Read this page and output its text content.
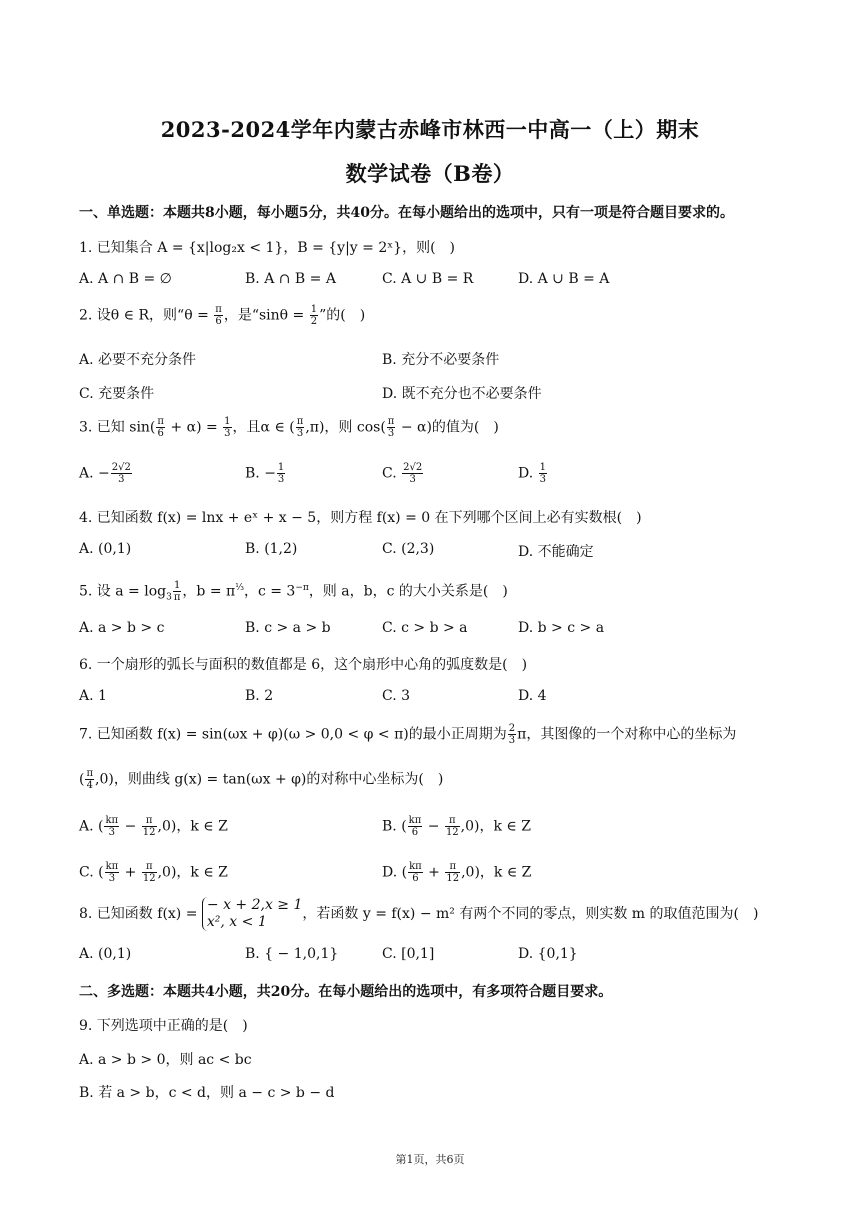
2023-2024学年内蒙古赤峰市林西一中高一（上）期末
数学试卷（B卷）
一、单选题：本题共8小题，每小题5分，共40分。在每小题给出的选项中，只有一项是符合题目要求的。
1. 已知集合 A = {x|log₂x < 1}，B = {y|y = 2ˣ}，则(　)
A. A ∩ B = ∅	B. A ∩ B = A	C. A ∪ B = R	D. A ∪ B = A
2. 设θ ∈ R，则“$\theta = \frac{\pi}{6}$ ，是“$\sin\theta = \frac{1}{2}$ ”的(　)
A. 必要不充分条件	B. 充分不必要条件
C. 充要条件	D. 既不充分也不必要条件
3. 已知 $\sin( \frac{\pi}{6} + \alpha) = \frac{1}{3}$ ，且α ∈ ( $\frac{\pi}{3} ,\pi$)，则 $\cos( \frac{\pi}{3} - \alpha)$的值为(　)
A. − $\frac{2√2}{3}$	B. − $\frac{1}{3}$	C. $\frac{2√2}{3}$	D. $\frac{1}{3}$
4. 已知函数 f(x) = lnx + eˣ + x − 5，则方程 f(x) = 0 在下列哪个区间上必有实数根(　)
A. (0,1)	B. (1,2)	C. (2,3)	D. 不能确定
5. 设 $a = \log_3 \frac{1}{\pi}$ ，$b = \pi^{\frac{1}{3}}$，$c = 3^{-\pi}$，则 a，b，c 的大小关系是(　)
A. a > b > c	B. c > a > b	C. c > b > a	D. b > c > a
6. 一个扇形的弧长与面积的数值都是 6，这个扇形中心角的弧度数是(　)
A. 1	B. 2	C. 3	D. 4
7. 已知函数 f(x) = sin(ωx + φ)(ω > 0,0 < φ < π)的最小正周期为 $\frac{2}{3}$ π，其图像的一个对称中心的坐标为
( $\frac{\pi}{4} ,0$)，则曲线 g(x) = tan(ωx + φ)的对称中心坐标为(　)
A. ( $\frac{k\pi}{3} - \frac{\pi}{12} ,0$)，k ∈ Z	B. ( $\frac{k\pi}{6} - \frac{\pi}{12} ,0$)，k ∈ Z
C. ( $\frac{k\pi}{3} + \frac{\pi}{12} ,0$)，k ∈ Z	D. ( $\frac{k\pi}{6} + \frac{\pi}{12} ,0$)，k ∈ Z
8. 已知函数 f(x) =
− x + 2,x ≥ 1
x², x < 1	，若函数 y = f(x) − m² 有两个不同的零点，则实数 m 的取值范围为(　)
A. (0,1)	B. { − 1,0,1}	C. [0,1]	D. {0,1}
二、多选题：本题共4小题，共20分。在每小题给出的选项中，有多项符合题目要求。
9. 下列选项中正确的是(　)
A. a > b > 0，则 ac < bc
B. 若 a > b，c < d，则 a − c > b − d
第1页，共6页
